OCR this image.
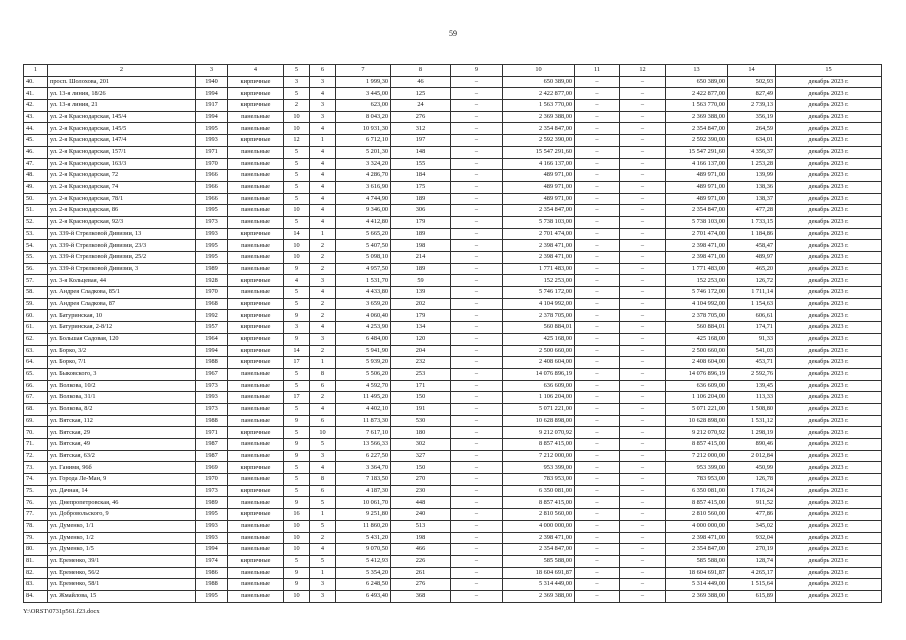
59
1	2	3	4	5	6	7	8	9	10	11	12	13	14	15
40.	просп. Шолохова, 201	1940	кирпичные	3	3	1 999,30	46	–	650 389,00	–	–	650 389,00	502,93	декабрь 2023 г.
41.	ул. 13-я линия, 18/26	1994	кирпичные	5	4	3 445,00	125	–	2 422 877,00	–	–	2 422 877,00	827,49	декабрь 2023 г.
42.	ул. 13-я линия, 21	1917	кирпичные	2	3	623,00	24	–	1 563 770,00	–	–	1 563 770,00	2 739,13	декабрь 2023 г.
43.	ул. 2-я Краснодарская, 145/4	1994	панельные	10	3	8 043,20	276	–	2 369 388,00	–	–	2 369 388,00	356,19	декабрь 2023 г.
44.	ул. 2-я Краснодарская, 145/5	1995	панельные	10	4	10 931,30	312	–	2 354 847,00	–	–	2 354 847,00	264,59	декабрь 2023 г.
45.	ул. 2-я Краснодарская, 147/4	1993	кирпичные	12	1	6 712,10	197	–	2 592 390,00	–	–	2 592 390,00	634,01	декабрь 2023 г.
46.	ул. 2-я Краснодарская, 157/1	1971	панельные	5	4	5 201,30	148	–	15 547 291,60	–	–	15 547 291,60	4 356,37	декабрь 2023 г.
47.	ул. 2-я Краснодарская, 163/3	1970	панельные	5	4	3 324,20	155	–	4 166 137,00	–	–	4 166 137,00	1 253,28	декабрь 2023 г.
48.	ул. 2-я Краснодарская, 72	1966	панельные	5	4	4 286,70	184	–	489 971,00	–	–	489 971,00	139,99	декабрь 2023 г.
49.	ул. 2-я Краснодарская, 74	1966	панельные	5	4	3 616,90	175	–	489 971,00	–	–	489 971,00	138,36	декабрь 2023 г.
50.	ул. 2-я Краснодарская, 78/1	1966	панельные	5	4	4 744,90	189	–	489 971,00	–	–	489 971,00	138,37	декабрь 2023 г.
51.	ул. 2-я Краснодарская, 86	1995	панельные	10	4	9 346,00	306	–	2 354 847,00	–	–	2 354 847,00	477,28	декабрь 2023 г.
52.	ул. 2-я Краснодарская, 92/3	1973	панельные	5	4	4 412,80	179	–	5 738 103,00	–	–	5 738 103,00	1 733,15	декабрь 2023 г.
53.	ул. 339-й Стрелковой Дивизии, 13	1993	кирпичные	14	1	5 665,20	189	–	2 701 474,00	–	–	2 701 474,00	1 184,86	декабрь 2023 г.
54.	ул. 339-й Стрелковой Дивизии, 23/3	1995	панельные	10	2	5 407,50	198	–	2 398 471,00	–	–	2 398 471,00	458,47	декабрь 2023 г.
55.	ул. 339-й Стрелковой Дивизии, 25/2	1995	панельные	10	2	5 098,10	214	–	2 398 471,00	–	–	2 398 471,00	489,97	декабрь 2023 г.
56.	ул. 339-й Стрелковой Дивизии, 3	1989	панельные	9	2	4 957,50	189	–	1 771 483,00	–	–	1 771 483,00	465,20	декабрь 2023 г.
57.	ул. 3-я Кольцевая, 44	1928	кирпичные	4	3	1 531,70	59	–	152 253,00	–	–	152 253,00	126,72	декабрь 2023 г.
58.	ул. Андрея Сладкова, 85/1	1970	панельные	5	4	4 433,80	139	–	5 746 172,00	–	–	5 746 172,00	1 711,14	декабрь 2023 г.
59.	ул. Андрея Сладкова, 87	1968	кирпичные	5	2	3 659,20	202	–	4 104 992,00	–	–	4 104 992,00	1 154,63	декабрь 2023 г.
60.	ул. Батуринская, 10	1992	кирпичные	9	2	4 060,40	179	–	2 378 705,00	–	–	2 378 705,00	606,61	декабрь 2023 г.
61.	ул. Батуринская, 2-8/12	1957	кирпичные	3	4	4 253,90	134	–	560 884,01	–	–	560 884,01	174,71	декабрь 2023 г.
62.	ул. Большая Садовая, 120	1964	кирпичные	9	3	6 484,00	120	–	425 168,00	–	–	425 168,00	91,33	декабрь 2023 г.
63.	ул. Борко, 3/2	1994	кирпичные	14	2	5 941,90	204	–	2 500 660,00	–	–	2 500 660,00	541,03	декабрь 2023 г.
64.	ул. Борко, 7/1	1988	кирпичные	17	1	5 939,20	232	–	2 408 604,00	–	–	2 408 604,00	453,71	декабрь 2023 г.
65.	ул. Быковского, 3	1967	панельные	5	8	5 506,20	253	–	14 076 896,19	–	–	14 076 896,19	2 592,76	декабрь 2023 г.
66.	ул. Волкова, 10/2	1973	панельные	5	6	4 592,70	171	–	636 609,00	–	–	636 609,00	139,45	декабрь 2023 г.
67.	ул. Волкова, 31/1	1993	панельные	17	2	11 495,20	150	–	1 106 204,00	–	–	1 106 204,00	113,33	декабрь 2023 г.
68.	ул. Волкова, 8/2	1973	панельные	5	4	4 402,10	191	–	5 071 221,00	–	–	5 071 221,00	1 508,80	декабрь 2023 г.
69.	ул. Вятская, 112	1988	панельные	9	6	11 873,30	530	–	10 628 898,00	–	–	10 628 898,00	1 531,12	декабрь 2023 г.
70.	ул. Вятская, 29	1971	кирпичные	5	10	7 617,10	180	–	9 212 070,92	–	–	9 212 070,92	1 298,19	декабрь 2023 г.
71.	ул. Вятская, 49	1987	панельные	9	5	13 566,33	302	–	8 857 415,00	–	–	8 857 415,00	890,46	декабрь 2023 г.
72.	ул. Вятская, 63/2	1987	панельные	9	3	6 227,50	327	–	7 212 000,00	–	–	7 212 000,00	2 012,84	декабрь 2023 г.
73.	ул. Ганимя, 96б	1969	кирпичные	5	4	3 364,70	150	–	953 399,00	–	–	953 399,00	450,99	декабрь 2023 г.
74.	ул. Города Ле-Ман, 9	1970	панельные	5	8	7 183,50	270	–	783 953,00	–	–	783 953,00	126,78	декабрь 2023 г.
75.	ул. Дачная, 14	1973	кирпичные	5	6	4 187,30	230	–	6 350 081,00	–	–	6 350 081,00	1 716,24	декабрь 2023 г.
76.	ул. Днепропетровская, 46	1989	панельные	9	5	10 061,70	448	–	8 857 415,00	–	–	8 857 415,00	911,52	декабрь 2023 г.
77.	ул. Добровольского, 9	1995	кирпичные	16	1	9 251,80	240	–	2 810 560,00	–	–	2 810 560,00	477,86	декабрь 2023 г.
78.	ул. Думенко, 1/1	1993	панельные	10	5	11 860,20	513	–	4 000 000,00	–	–	4 000 000,00	345,02	декабрь 2023 г.
79.	ул. Думенко, 1/2	1993	панельные	10	2	5 431,20	198	–	2 398 471,00	–	–	2 398 471,00	932,04	декабрь 2023 г.
80.	ул. Думенко, 1/5	1994	панельные	10	4	9 070,50	466	–	2 354 847,00	–	–	2 354 847,00	270,19	декабрь 2023 г.
81.	ул. Еременко, 39/1	1974	кирпичные	5	5	5 412,93	226	–	585 588,00	–	–	585 588,00	128,74	декабрь 2023 г.
82.	ул. Еременко, 56/2	1986	панельные	9	1	5 354,20	261	–	18 604 691,87	–	–	18 604 691,87	4 265,17	декабрь 2023 г.
83.	ул. Еременко, 58/1	1988	панельные	9	3	6 248,50	276	–	5 314 449,00	–	–	5 314 449,00	1 515,64	декабрь 2023 г.
84.	ул. Жмайлова, 15	1995	панельные	10	3	6 493,40	368	–	2 369 388,00	–	–	2 369 388,00	615,89	декабрь 2023 г.
Y:\ORST\0731p561.f23.docx
